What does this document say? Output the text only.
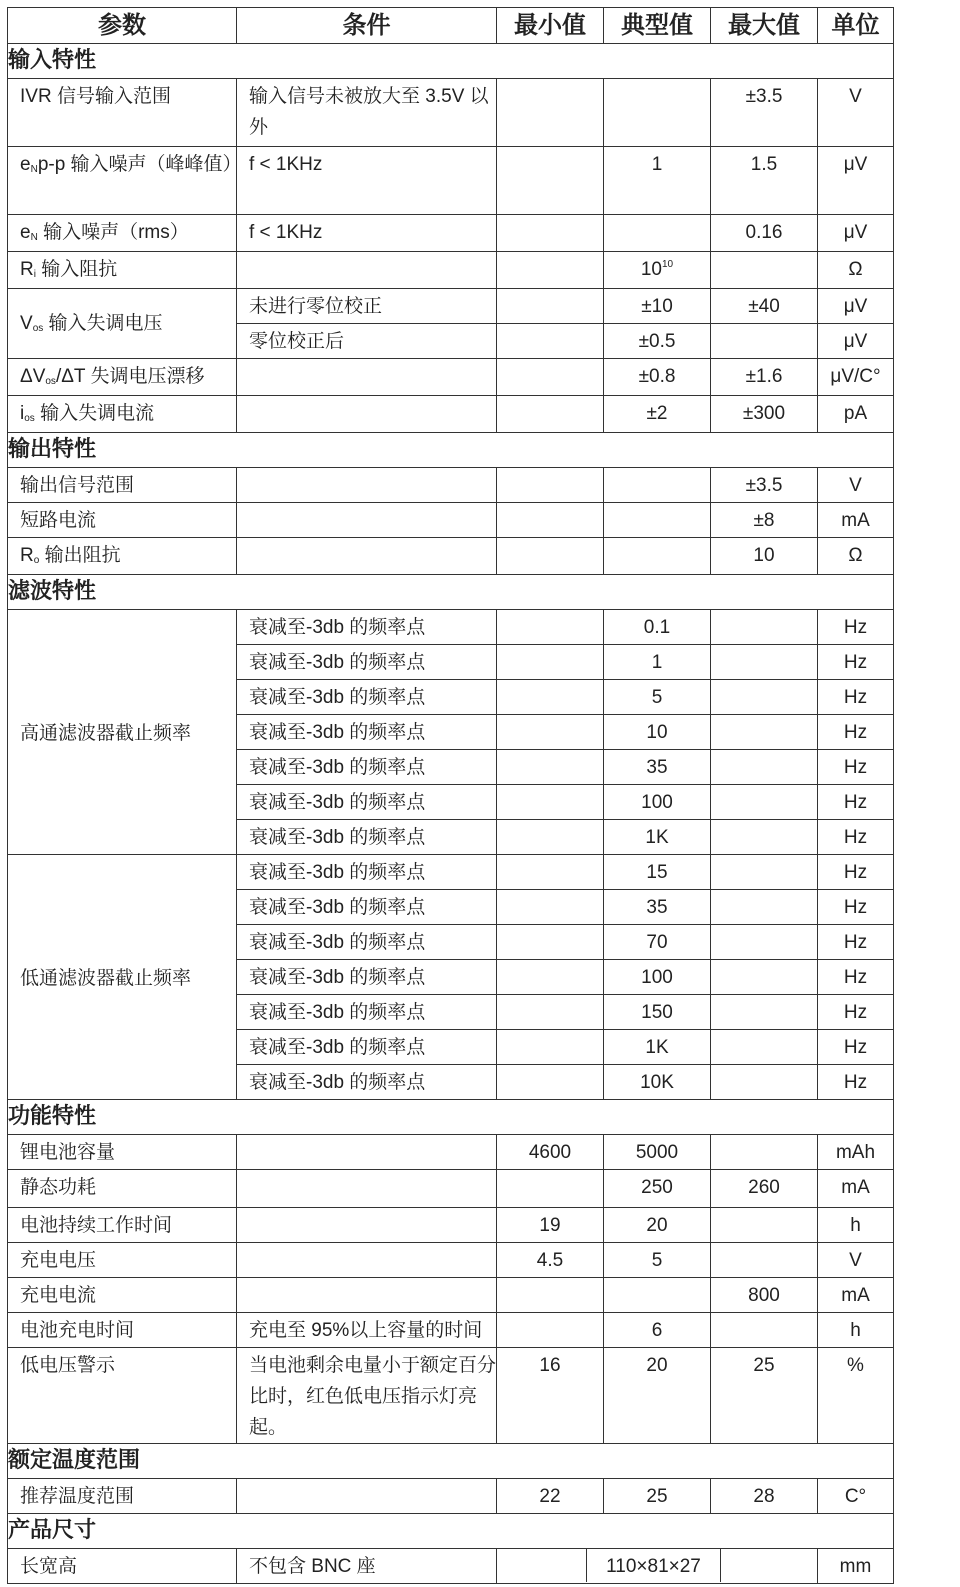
参数	条件	最小值	典型值	最大值	单位
输入特性					
IVR 信号输入范围	输入信号未被放大至 3.5V 以外			±3.5	V
$e_Np-p$ 输入噪声（峰峰值）	f < 1KHz		1	1.5	μV
$e_N$ 输入噪声（rms）	f < 1KHz			0.16	μV
$R_i$ 输入阻抗			$10^{10}$		Ω
$V_{os}$ 输入失调电压	未进行零位校正		±10	±40	μV
	零位校正后		±0.5		μV
$\Delta V_{os}/\Delta T$ 失调电压漂移			±0.8	±1.6	μV/C°
$i_{os}$ 输入失调电流			±2	±300	pA
输出特性					
输出信号范围				±3.5	V
短路电流				±8	mA
$R_o$ 输出阻抗				10	Ω
滤波特性					
高通滤波器截止频率	衰减至-3db 的频率点		0.1		Hz
	衰减至-3db 的频率点		1		Hz
	衰减至-3db 的频率点		5		Hz
	衰减至-3db 的频率点		10		Hz
	衰减至-3db 的频率点		35		Hz
	衰减至-3db 的频率点		100		Hz
	衰减至-3db 的频率点		1K		Hz
低通滤波器截止频率	衰减至-3db 的频率点		15		Hz
	衰减至-3db 的频率点		35		Hz
	衰减至-3db 的频率点		70		Hz
	衰减至-3db 的频率点		100		Hz
	衰减至-3db 的频率点		150		Hz
	衰减至-3db 的频率点		1K		Hz
	衰减至-3db 的频率点		10K		Hz
功能特性					
锂电池容量		4600	5000		mAh
静态功耗			250	260	mA
电池持续工作时间		19	20		h
充电电压		4.5	5		V
充电电流				800	mA
电池充电时间	充电至 95%以上容量的时间		6		h
低电压警示	当电池剩余电量小于额定百分比时，红色低电压指示灯亮起。	16	20	25	%
额定温度范围					
推荐温度范围		22	25	28	C°
产品尺寸					
长宽高	不包含 BNC 座	110×81×27			mm
